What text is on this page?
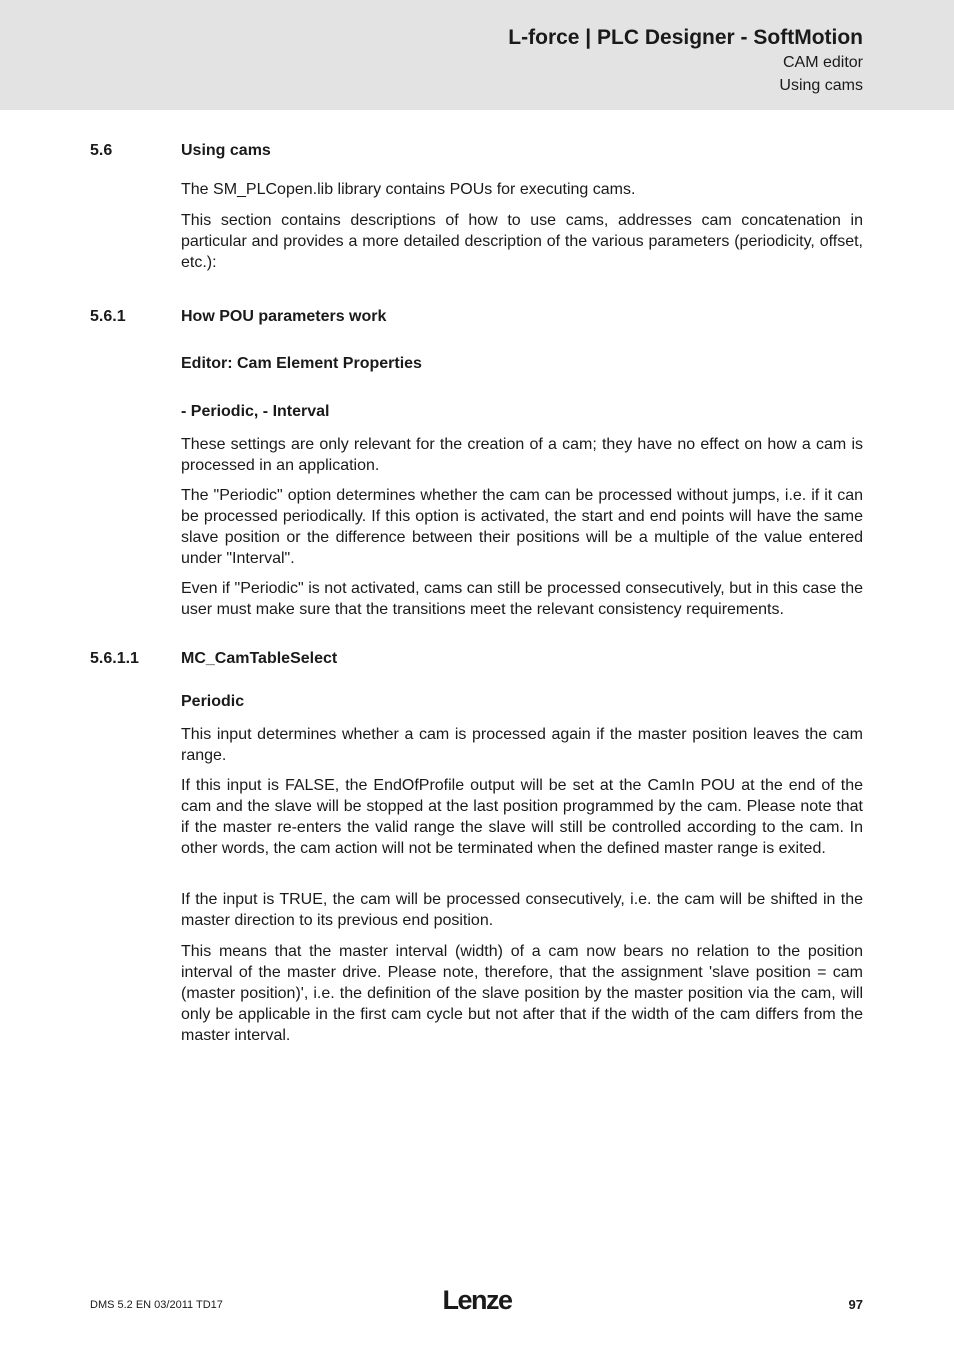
L-force | PLC Designer - SoftMotion
CAM editor
Using cams
5.6	Using cams
The SM_PLCopen.lib library contains POUs for executing cams.
This section contains descriptions of how to use cams, addresses cam concatenation in particular and provides a more detailed description of the various parameters (periodicity, offset, etc.):
5.6.1	How POU parameters work
Editor: Cam Element Properties
- Periodic, - Interval
These settings are only relevant for the creation of a cam; they have no effect on how a cam is processed in an application.
The "Periodic" option determines whether the cam can be processed without jumps, i.e. if it can be processed periodically. If this option is activated, the start and end points will have the same slave position or the difference between their positions will be a multiple of the value entered under "Interval".
Even if "Periodic" is not activated, cams can still be processed consecutively, but in this case the user must make sure that the transitions meet the relevant consistency requirements.
5.6.1.1	MC_CamTableSelect
Periodic
This input determines whether a cam is processed again if the master position leaves the cam range.
If this input is FALSE, the EndOfProfile output will be set at the CamIn POU at the end of the cam and the slave will be stopped at the last position programmed by the cam. Please note that if the master re-enters the valid range the slave will still be controlled according to the cam. In other words, the cam action will not be terminated when the defined master range is exited.
If the input is TRUE, the cam will be processed consecutively, i.e. the cam will be shifted in the master direction to its previous end position.
This means that the master interval (width) of a cam now bears no relation to the position interval of the master drive. Please note, therefore, that the assignment 'slave position = cam (master position)', i.e. the definition of the slave position by the master position via the cam, will only be applicable in the first cam cycle but not after that if the width of the cam differs from the master interval.
DMS 5.2 EN 03/2011 TD17	Lenze	97
